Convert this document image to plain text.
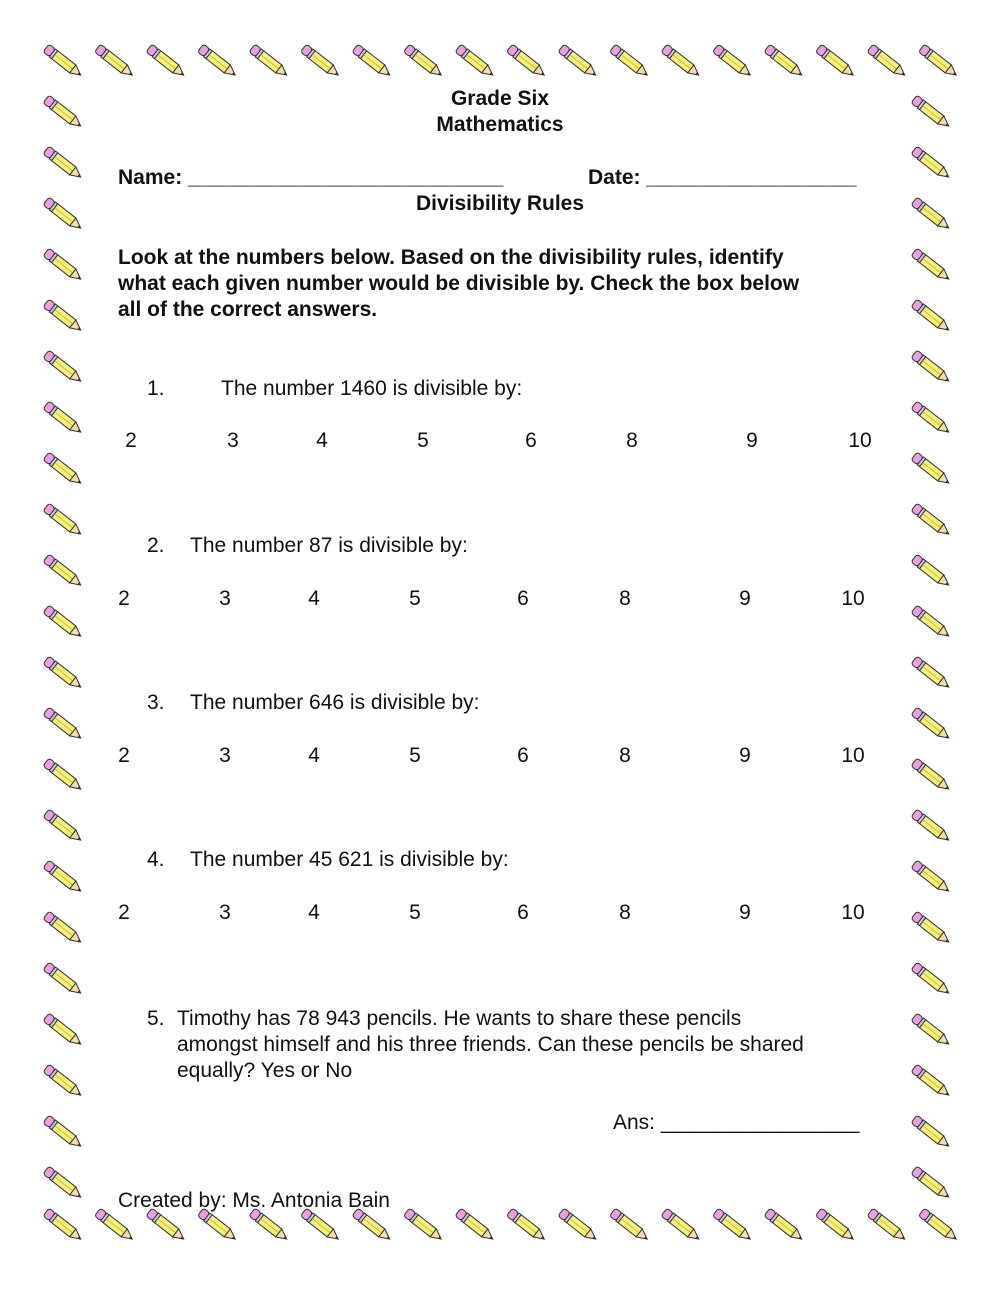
Grade Six
Mathematics
Name: ___________________________	Date: __________________
Divisibility Rules
Look at the numbers below. Based on the divisibility rules, identify
what each given number would be divisible by. Check the box below
all of the correct answers.
1.	The number 1460 is divisible by:
2	3	4	5	6	8	9	10
2. The number 87 is divisible by:
2	3	4	5	6	8	9	10
3. The number 646 is divisible by:
2	3	4	5	6	8	9	10
4. The number 45 621 is divisible by:
2	3	4	5	6	8	9	10
5. Timothy has 78 943 pencils. He wants to share these pencils
amongst himself and his three friends. Can these pencils be shared
equally? Yes or No
Ans: _________________
Created by: Ms. Antonia Bain
